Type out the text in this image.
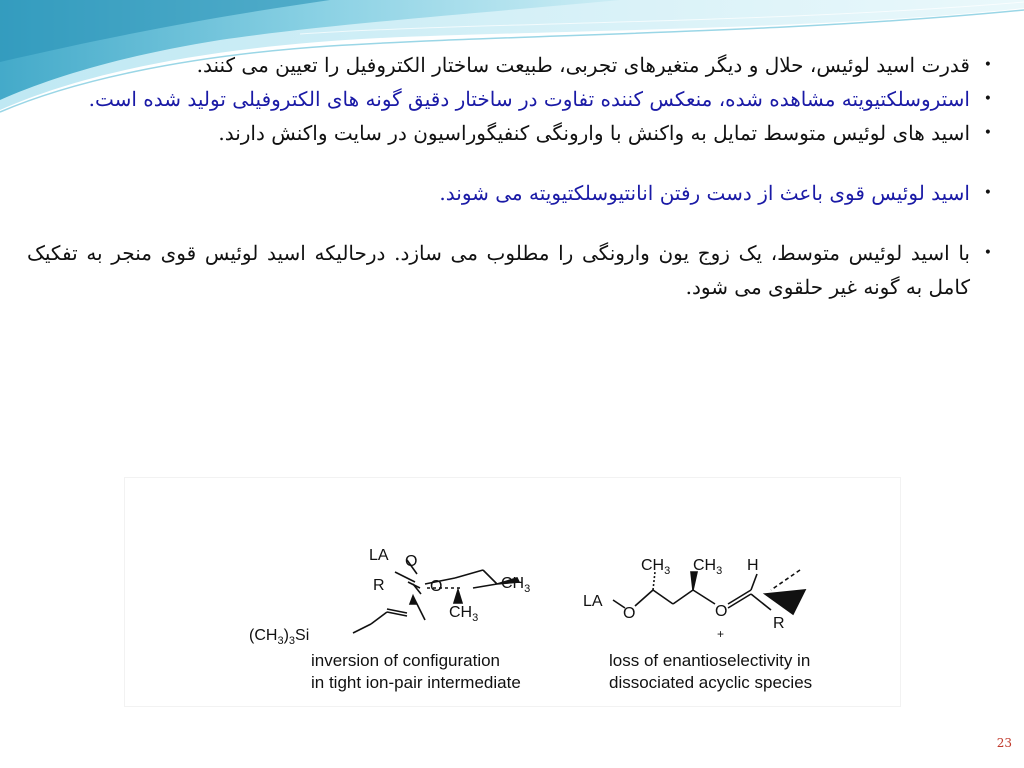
•
قدرت اسید لوئیس، حلال و دیگر متغیرهای تجربی، طبیعت ساختار الکتروفیل را تعیین می کنند.
•
استروسلکتیویته مشاهده شده، منعکس کننده تفاوت در ساختار دقیق گونه های الکتروفیلی تولید شده است.
•
اسید های لوئیس متوسط تمایل به واکنش با وارونگی کنفیگوراسیون در سایت واکنش دارند.
•
اسید لوئیس قوی باعث از دست رفتن انانتیوسلکتیویته می شوند.
•
با اسید لوئیس متوسط، یک زوج یون وارونگی را مطلوب می سازد. درحالیکه اسید لوئیس قوی منجر به تفکیک کامل به گونه غیر حلقوی می شود.
LA O
R	O	$CH_3$
$CH_3$
$(CH_3)_3Si$
inversion of configuration
in tight ion-pair intermediate
LA
O
$CH_3$ $CH_3$
O
H
R
+
loss of enantioselectivity in
dissociated acyclic species
23
